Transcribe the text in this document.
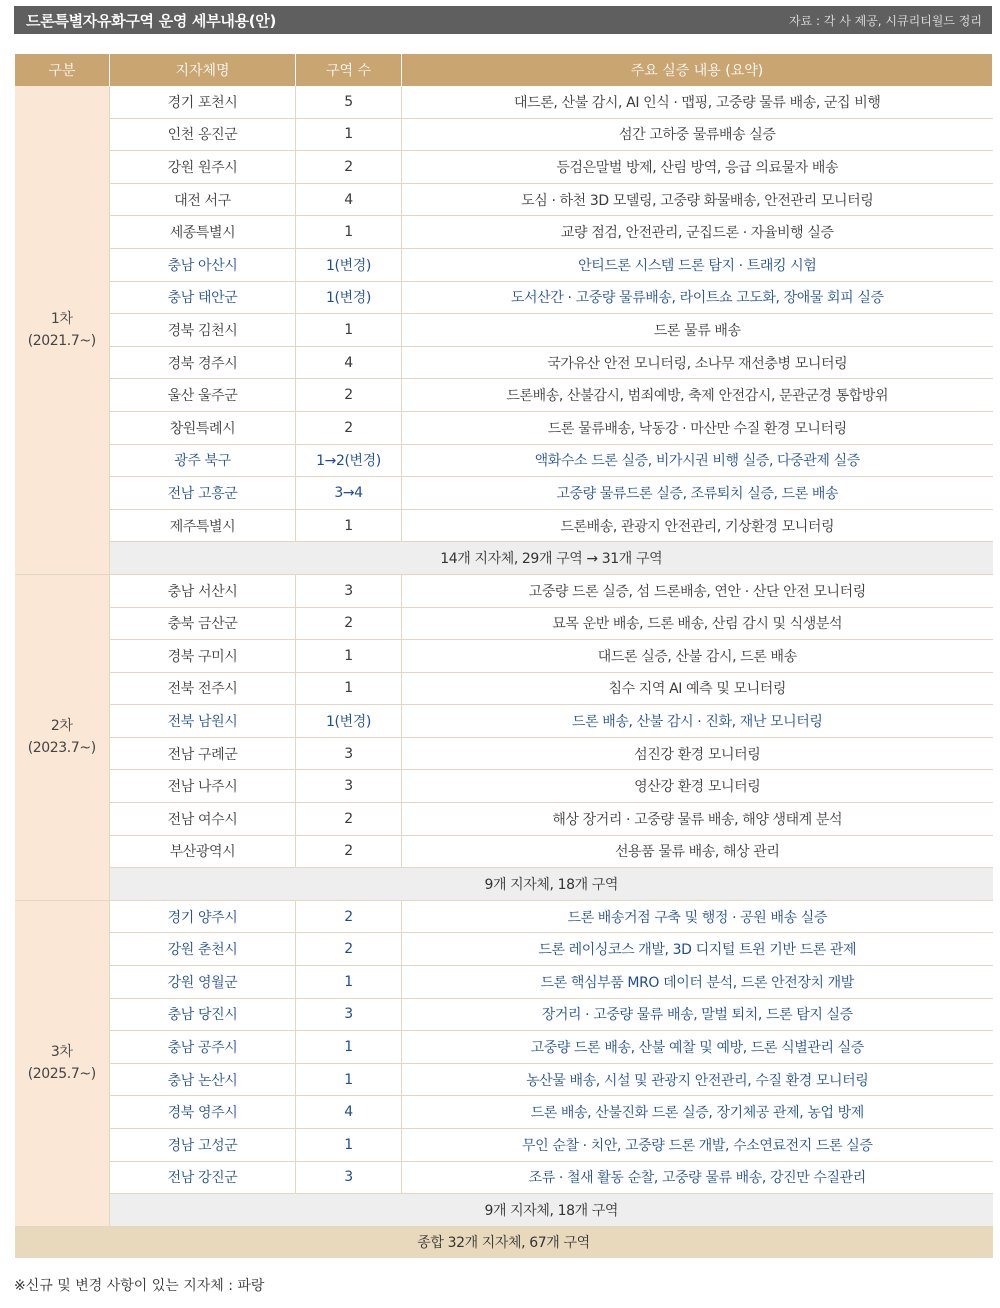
드론특별자유화구역 운영 세부내용(안)	자료 : 각 사 제공, 시큐리티월드 정리
구분	지자체명	구역 수	주요 실증 내용 (요약)

1차
(2021.7~)	경기 포천시	5	대드론, 산불 감시, AI 인식 · 맵핑, 고중량 물류 배송, 군집 비행
	인천 옹진군	1	섬간 고하중 물류배송 실증
	강원 원주시	2	등검은말벌 방제, 산림 방역, 응급 의료물자 배송
	대전 서구	4	도심 · 하천 3D 모델링, 고중량 화물배송, 안전관리 모니터링
	세종특별시	1	교량 점검, 안전관리, 군집드론 · 자율비행 실증
	충남 아산시	1(변경)	안티드론 시스템 드론 탐지 · 트래킹 시험
	충남 태안군	1(변경)	도서산간 · 고중량 물류배송, 라이트쇼 고도화, 장애물 회피 실증
	경북 김천시	1	드론 물류 배송
	경북 경주시	4	국가유산 안전 모니터링, 소나무 재선충병 모니터링
	울산 울주군	2	드론배송, 산불감시, 범죄예방, 축제 안전감시, 문관군경 통합방위
	창원특례시	2	드론 물류배송, 낙동강 · 마산만 수질 환경 모니터링
	광주 북구	1→2(변경)	액화수소 드론 실증, 비가시권 비행 실증, 다중관제 실증
	전남 고흥군	3→4	고중량 물류드론 실증, 조류퇴치 실증, 드론 배송
	제주특별시	1	드론배송, 관광지 안전관리, 기상환경 모니터링
	14개 지자체, 29개 구역 → 31개 구역		

2차
(2023.7~)	충남 서산시	3	고중량 드론 실증, 섬 드론배송, 연안 · 산단 안전 모니터링
	충북 금산군	2	묘목 운반 배송, 드론 배송, 산림 감시 및 식생분석
	경북 구미시	1	대드론 실증, 산불 감시, 드론 배송
	전북 전주시	1	침수 지역 AI 예측 및 모니터링
	전북 남원시	1(변경)	드론 배송, 산불 감시 · 진화, 재난 모니터링
	전남 구례군	3	섬진강 환경 모니터링
	전남 나주시	3	영산강 환경 모니터링
	전남 여수시	2	해상 장거리 · 고중량 물류 배송, 해양 생태계 분석
	부산광역시	2	선용품 물류 배송, 해상 관리
	9개 지자체, 18개 구역		

3차
(2025.7~)	경기 양주시	2	드론 배송거점 구축 및 행정 · 공원 배송 실증
	강원 춘천시	2	드론 레이싱코스 개발, 3D 디지털 트윈 기반 드론 관제
	강원 영월군	1	드론 핵심부품 MRO 데이터 분석, 드론 안전장치 개발
	충남 당진시	3	장거리 · 고중량 물류 배송, 말벌 퇴치, 드론 탐지 실증
	충남 공주시	1	고중량 드론 배송, 산불 예찰 및 예방, 드론 식별관리 실증
	충남 논산시	1	농산물 배송, 시설 및 관광지 안전관리, 수질 환경 모니터링
	경북 영주시	4	드론 배송, 산불진화 드론 실증, 장기체공 관제, 농업 방제
	경남 고성군	1	무인 순찰 · 치안, 고중량 드론 개발, 수소연료전지 드론 실증
	전남 강진군	3	조류 · 철새 활동 순찰, 고중량 물류 배송, 강진만 수질관리
	9개 지자체, 18개 구역		
종합 32개 지자체, 67개 구역			
※신규 및 변경 사항이 있는 지자체 : 파랑
